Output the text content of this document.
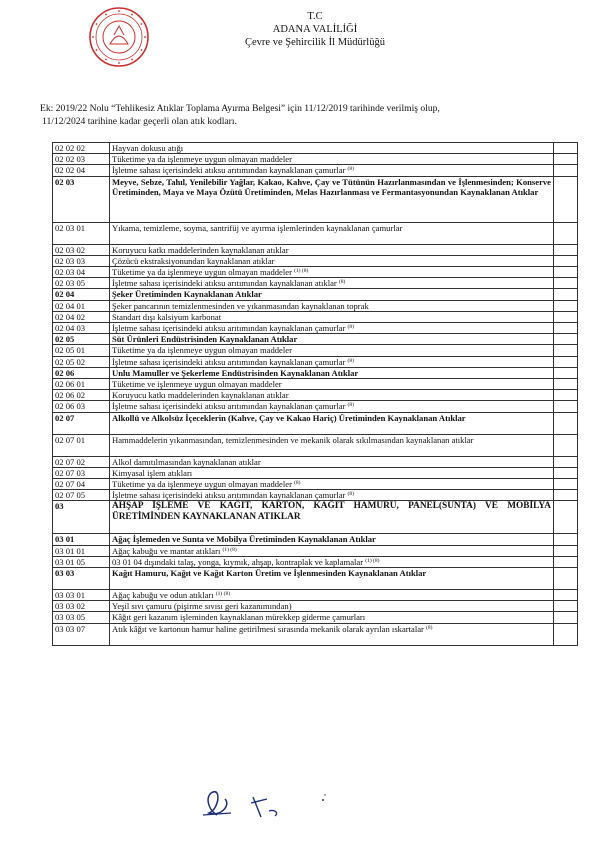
T.C
ADANA VALİLİĞİ
Çevre ve Şehircilik İl Müdürlüğü
Ek: 2019/22 Nolu “Tehlikesiz Atıklar Toplama Ayırma Belgesi” için 11/12/2019 tarihinde verilmiş olup,
11/12/2024 tarihine kadar geçerli olan atık kodları.
02 02 02	Hayvan dokusu atığı	
02 02 03	Tüketime ya da işlenmeye uygun olmayan maddeler	
02 02 04	İşletme sahası içerisindeki atıksu arıtımından kaynaklanan çamurlar $^{(8)}$	
02 03	Meyve, Sebze, Tahıl, Yenilebilir Yağlar, Kakao, Kahve, Çay ve Tütünün Hazırlanmasından ve İşlenmesinden; Konserve Üretiminden, Maya ve Maya Özütü Üretiminden, Melas Hazırlanması ve Fermantasyonundan Kaynaklanan Atıklar	
02 03 01	Yıkama, temizleme, soyma, santrifüj ve ayırma işlemlerinden kaynaklanan çamurlar	
02 03 02	Koruyucu katkı maddelerinden kaynaklanan atıklar	
02 03 03	Çözücü ekstraksiyonundan kaynaklanan atıklar	
02 03 04	Tüketime ya da işlenmeye uygun olmayan maddeler $^{(1) (8)}$	
02 03 05	İşletme sahası içerisindeki atıksu arıtımından kaynaklanan atıklar $^{(8)}$	
02 04	Şeker Üretiminden Kaynaklanan Atıklar	
02 04 01	Şeker pancarının temizlenmesinden ve yıkanmasından kaynaklanan toprak	
02 04 02	Standart dışı kalsiyum karbonat	
02 04 03	İşletme sahası içerisindeki atıksu arıtımından kaynaklanan çamurlar $^{(8)}$	
02 05	Süt Ürünleri Endüstrisinden Kaynaklanan Atıklar	
02 05 01	Tüketime ya da işlenmeye uygun olmayan maddeler	
02 05 02	İşletme sahası içerisindeki atıksu arıtımından kaynaklanan çamurlar $^{(8)}$	
02 06	Unlu Mamuller ve Şekerleme Endüstrisinden Kaynaklanan Atıklar	
02 06 01	Tüketime ve işlenmeye uygun olmayan maddeler	
02 06 02	Koruyucu katkı maddelerinden kaynaklanan atıklar	
02 06 03	İşletme sahası içerisindeki atıksu arıtımından kaynaklanan çamurlar $^{(8)}$	
02 07	Alkollü ve Alkolsüz İçeceklerin (Kahve, Çay ve Kakao Hariç) Üretiminden Kaynaklanan Atıklar	
02 07 01	Hammaddelerin yıkanmasından, temizlenmesinden ve mekanik olarak sıkılmasından kaynaklanan atıklar	
02 07 02	Alkol damıtılmasından kaynaklanan atıklar	
02 07 03	Kimyasal işlem atıkları	
02 07 04	Tüketime ya da işlenmeye uygun olmayan maddeler $^{(8)}$	
02 07 05	İşletme sahası içerisindeki atıksu arıtımından kaynaklanan çamurlar $^{(8)}$	
03	AHŞAP İŞLEME VE KAĞIT, KARTON, KAĞIT HAMURU, PANEL(SUNTA) VE MOBİLYA ÜRETİMİNDEN KAYNAKLANAN ATIKLAR	
03 01	Ağaç İşlemeden ve Sunta ve Mobilya Üretiminden Kaynaklanan Atıklar	
03 01 01	Ağaç kabuğu ve mantar atıkları $^{(1) (8)}$	
03 01 05	03 01 04 dışındaki talaş, yonga, kıymık, ahşap, kontraplak ve kaplamalar $^{(1) (8)}$	
03 03	Kağıt Hamuru, Kağıt ve Kağıt Karton Üretim ve İşlenmesinden Kaynaklanan Atıklar	
03 03 01	Ağaç kabuğu ve odun atıkları $^{(1) (8)}$	
03 03 02	Yeşil sıvı çamuru (pişirme sıvısı geri kazanımından)	
03 03 05	Kâğıt geri kazanım işleminden kaynaklanan mürekkep giderme çamurları	
03 03 07	Atık kâğıt ve kartonun hamur haline getirilmesi sırasında mekanik olarak ayrılan ıskartalar $^{(8)}$	
